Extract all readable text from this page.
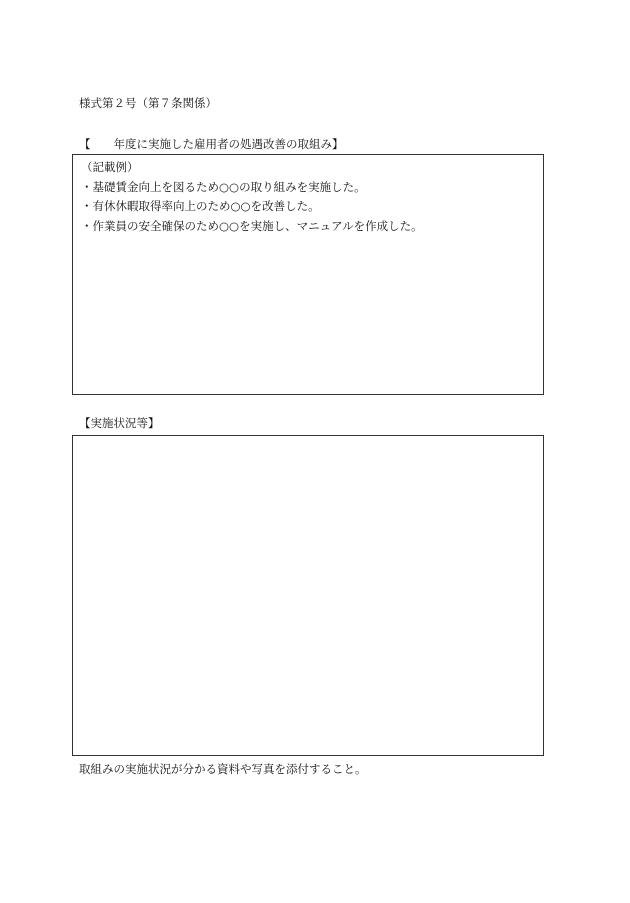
様式第２号（第７条関係）
【　　年度に実施した雇用者の処遇改善の取組み】
（記載例）
・基礎賃金向上を図るため○○の取り組みを実施した。
・有休休暇取得率向上のため○○を改善した。
・作業員の安全確保のため○○を実施し、マニュアルを作成した。
【実施状況等】
取組みの実施状況が分かる資料や写真を添付すること。
